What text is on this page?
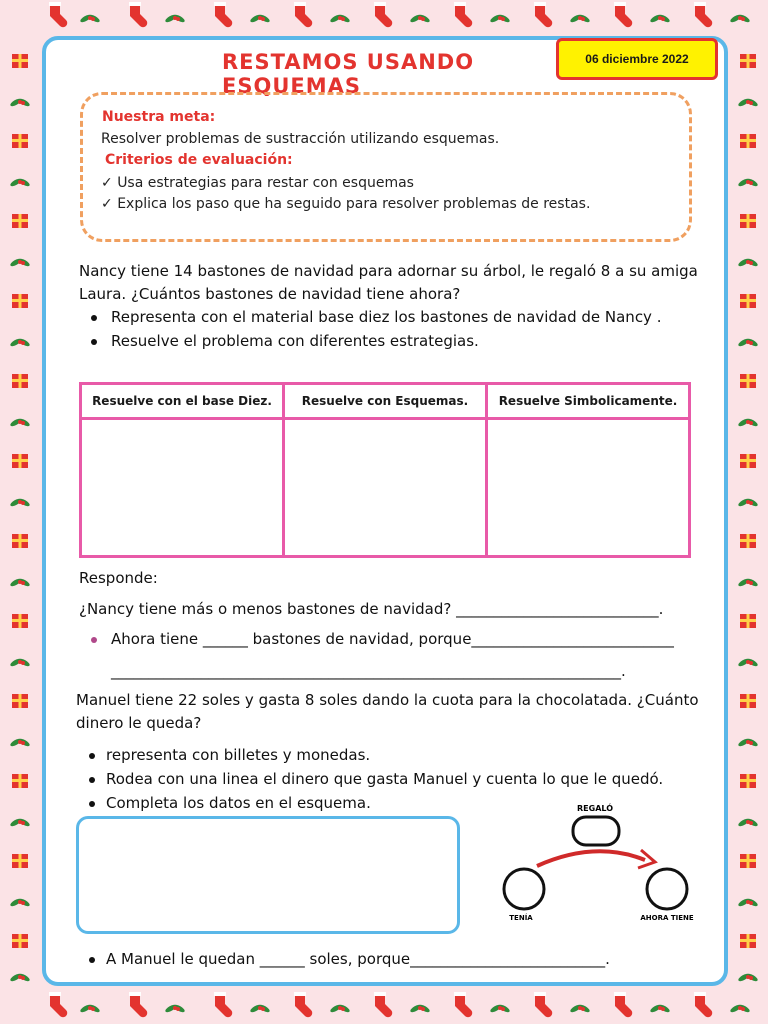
RESTAMOS USANDO ESQUEMAS
06 diciembre 2022
Nuestra meta:
Resolver problemas de sustracción utilizando esquemas.
Criterios de evaluación:
✓ Usa estrategias para restar con esquemas
✓ Explica los paso que ha seguido para resolver problemas de restas.
Nancy tiene 14 bastones de navidad para adornar su árbol, le regaló 8 a su amiga
Laura. ¿Cuántos bastones de navidad tiene ahora?
Representa con el material base diez los bastones de navidad de Nancy .
Resuelve el problema con diferentes estrategias.
Resuelve con el base Diez.	Resuelve con Esquemas.	Resuelve Simbolicamente.

Responde:
¿Nancy tiene más o menos bastones de navidad? ___________________________.
Ahora tiene ______ bastones de navidad, porque___________________________
____________________________________________________________________.
Manuel tiene 22 soles y gasta 8 soles dando la cuota para la chocolatada. ¿Cuánto
dinero le queda?
representa con billetes y monedas.
Rodea con una linea el dinero que gasta Manuel y cuenta lo que le quedó.
Completa los datos en el esquema.	REGALÓ
TENÍA	AHORA TIENE
A Manuel le quedan ______ soles, porque__________________________.
